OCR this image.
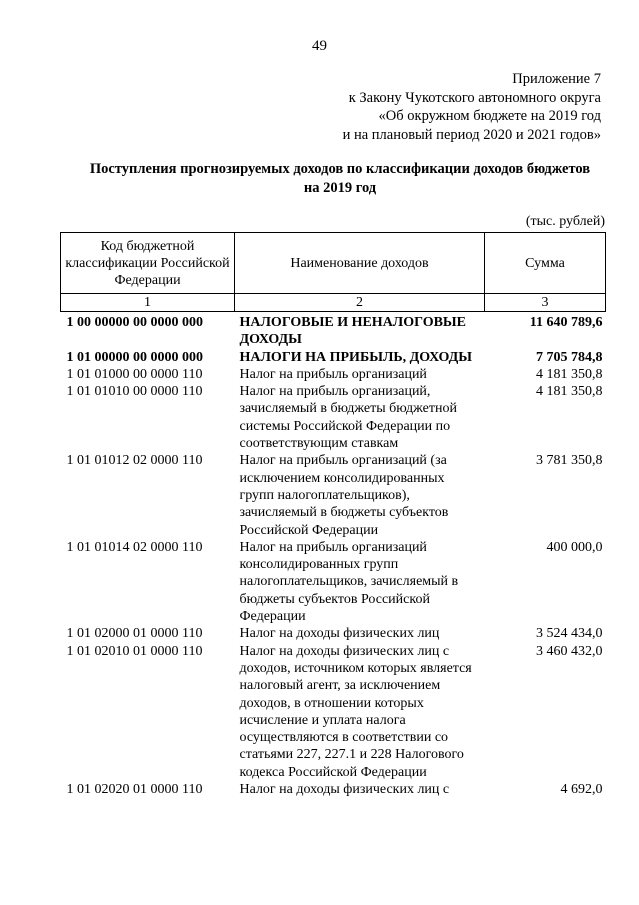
49
Приложение 7
к Закону Чукотского автономного округа
«Об окружном бюджете на 2019 год
и на плановый период 2020 и 2021 годов»
Поступления прогнозируемых доходов по классификации доходов бюджетов
на 2019 год
(тыс. рублей)
Код бюджетной классификации Российской Федерации	Наименование доходов	Сумма
1	2	3
1 00 00000 00 0000 000	НАЛОГОВЫЕ И НЕНАЛОГОВЫЕ ДОХОДЫ	11 640 789,6
1 01 00000 00 0000 000	НАЛОГИ НА ПРИБЫЛЬ, ДОХОДЫ	7 705 784,8
1 01 01000 00 0000 110	Налог на прибыль организаций	4 181 350,8
1 01 01010 00 0000 110	Налог на прибыль организаций, зачисляемый в бюджеты бюджетной системы Российской Федерации по соответствующим ставкам	4 181 350,8
1 01 01012 02 0000 110	Налог на прибыль организаций (за исключением консолидированных групп налогоплательщиков), зачисляемый в бюджеты субъектов Российской Федерации	3 781 350,8
1 01 01014 02 0000 110	Налог на прибыль организаций консолидированных групп налогоплательщиков, зачисляемый в бюджеты субъектов Российской Федерации	400 000,0
1 01 02000 01 0000 110	Налог на доходы физических лиц	3 524 434,0
1 01 02010 01 0000 110	Налог на доходы физических лиц с доходов, источником которых является налоговый агент, за исключением доходов, в отношении которых исчисление и уплата налога осуществляются в соответствии со статьями 227, 227.1 и 228 Налогового кодекса Российской Федерации	3 460 432,0
1 01 02020 01 0000 110	Налог на доходы физических лиц с	4 692,0
